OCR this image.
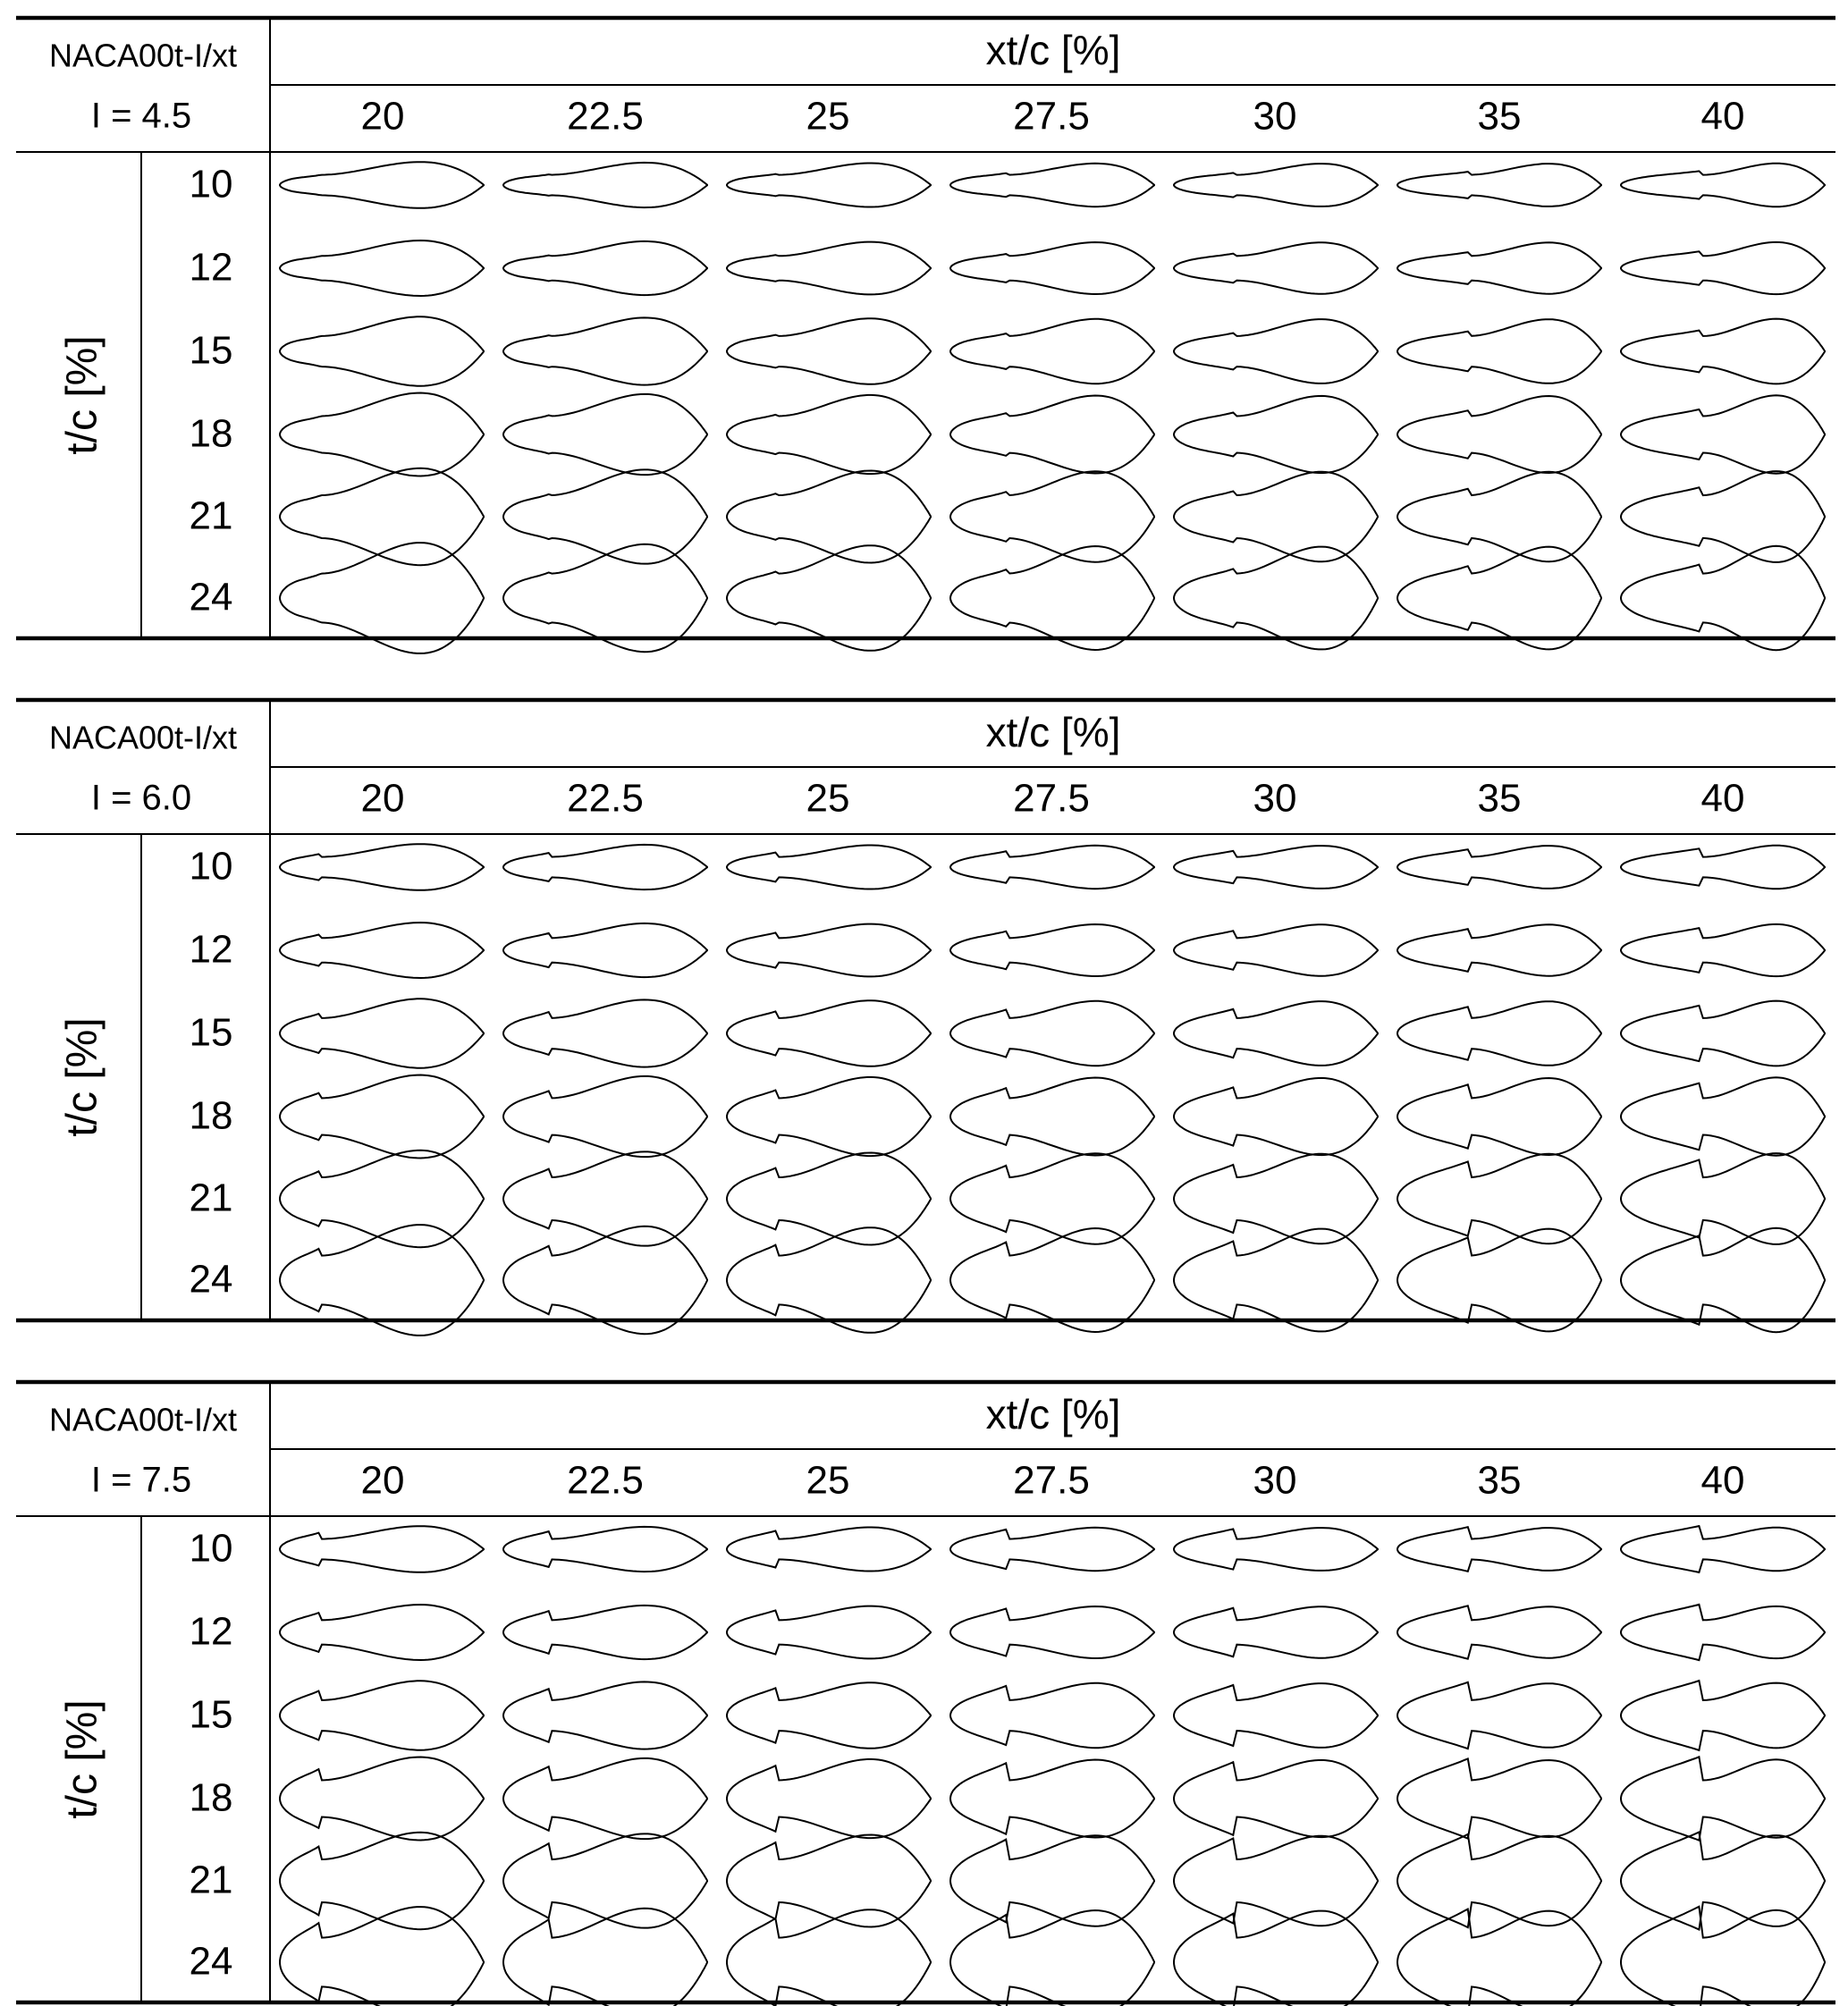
NACA00t-I/xt
I = 4.5
xt/c [%]
20	22.5	25	27.5	30	35	40
t/c [%]
10
12
15
18
21
24
NACA00t-I/xt
I = 6.0
xt/c [%]
20	22.5	25	27.5	30	35	40
t/c [%]
10
12
15
18
21
24
NACA00t-I/xt
I = 7.5
xt/c [%]
20	22.5	25	27.5	30	35	40
t/c [%]
10
12
15
18
21
24
